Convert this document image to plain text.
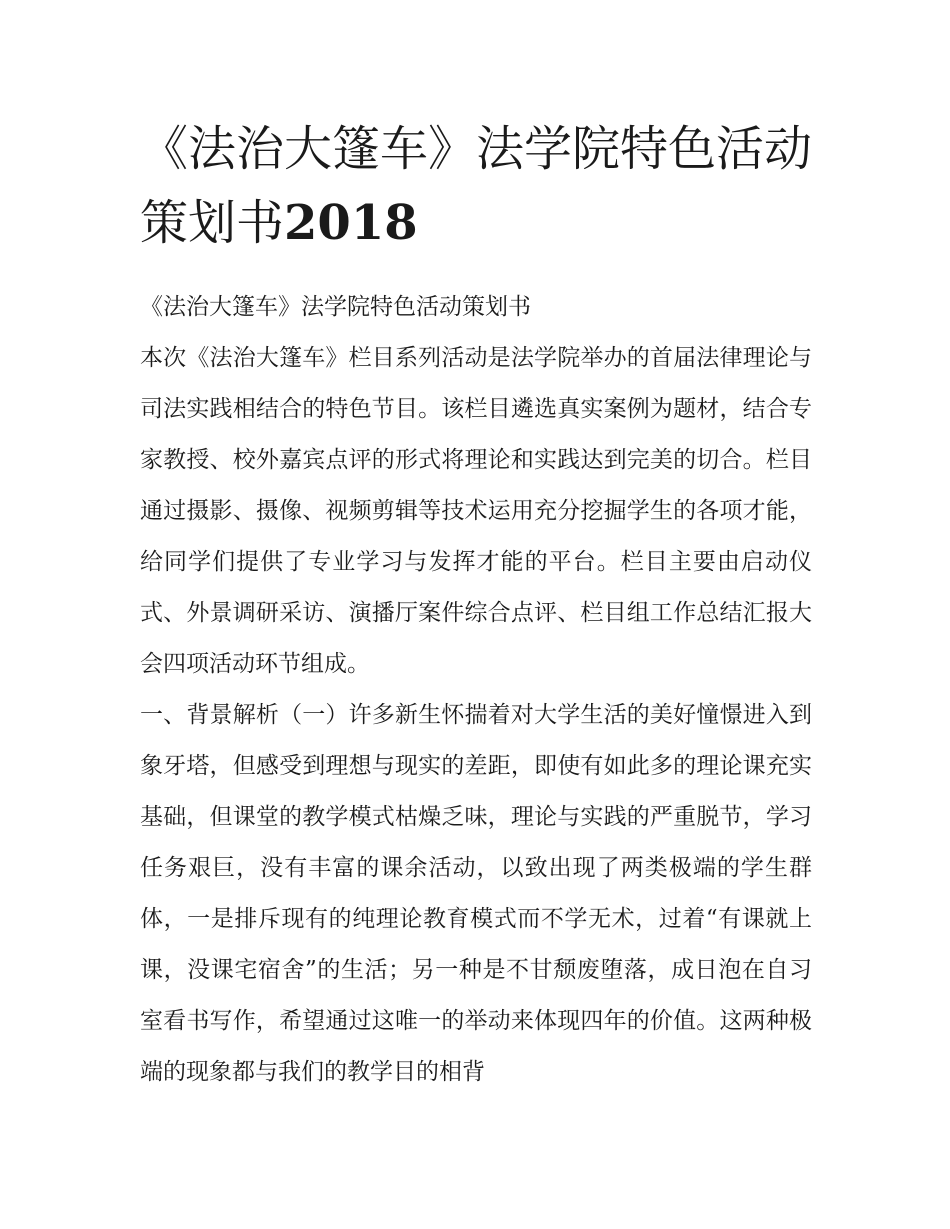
《法治大篷车》法学院特色活动策划书2018

《法治大篷车》法学院特色活动策划书

本次《法治大篷车》栏目系列活动是法学院举办的首届法律理论与司法实践相结合的特色节目。该栏目遴选真实案例为题材，结合专家教授、校外嘉宾点评的形式将理论和实践达到完美的切合。栏目通过摄影、摄像、视频剪辑等技术运用充分挖掘学生的各项才能，给同学们提供了专业学习与发挥才能的平台。栏目主要由启动仪式、外景调研采访、演播厅案件综合点评、栏目组工作总结汇报大会四项活动环节组成。

一、背景解析（一）许多新生怀揣着对大学生活的美好憧憬进入到象牙塔，但感受到理想与现实的差距，即使有如此多的理论课充实基础，但课堂的教学模式枯燥乏味，理论与实践的严重脱节，学习任务艰巨，没有丰富的课余活动，以致出现了两类极端的学生群体，一是排斥现有的纯理论教育模式而不学无术，过着“有课就上课，没课宅宿舍”的生活；另一种是不甘颓废堕落，成日泡在自习室看书写作，希望通过这唯一的举动来体现四年的价值。这两种极端的现象都与我们的教学目的相背
